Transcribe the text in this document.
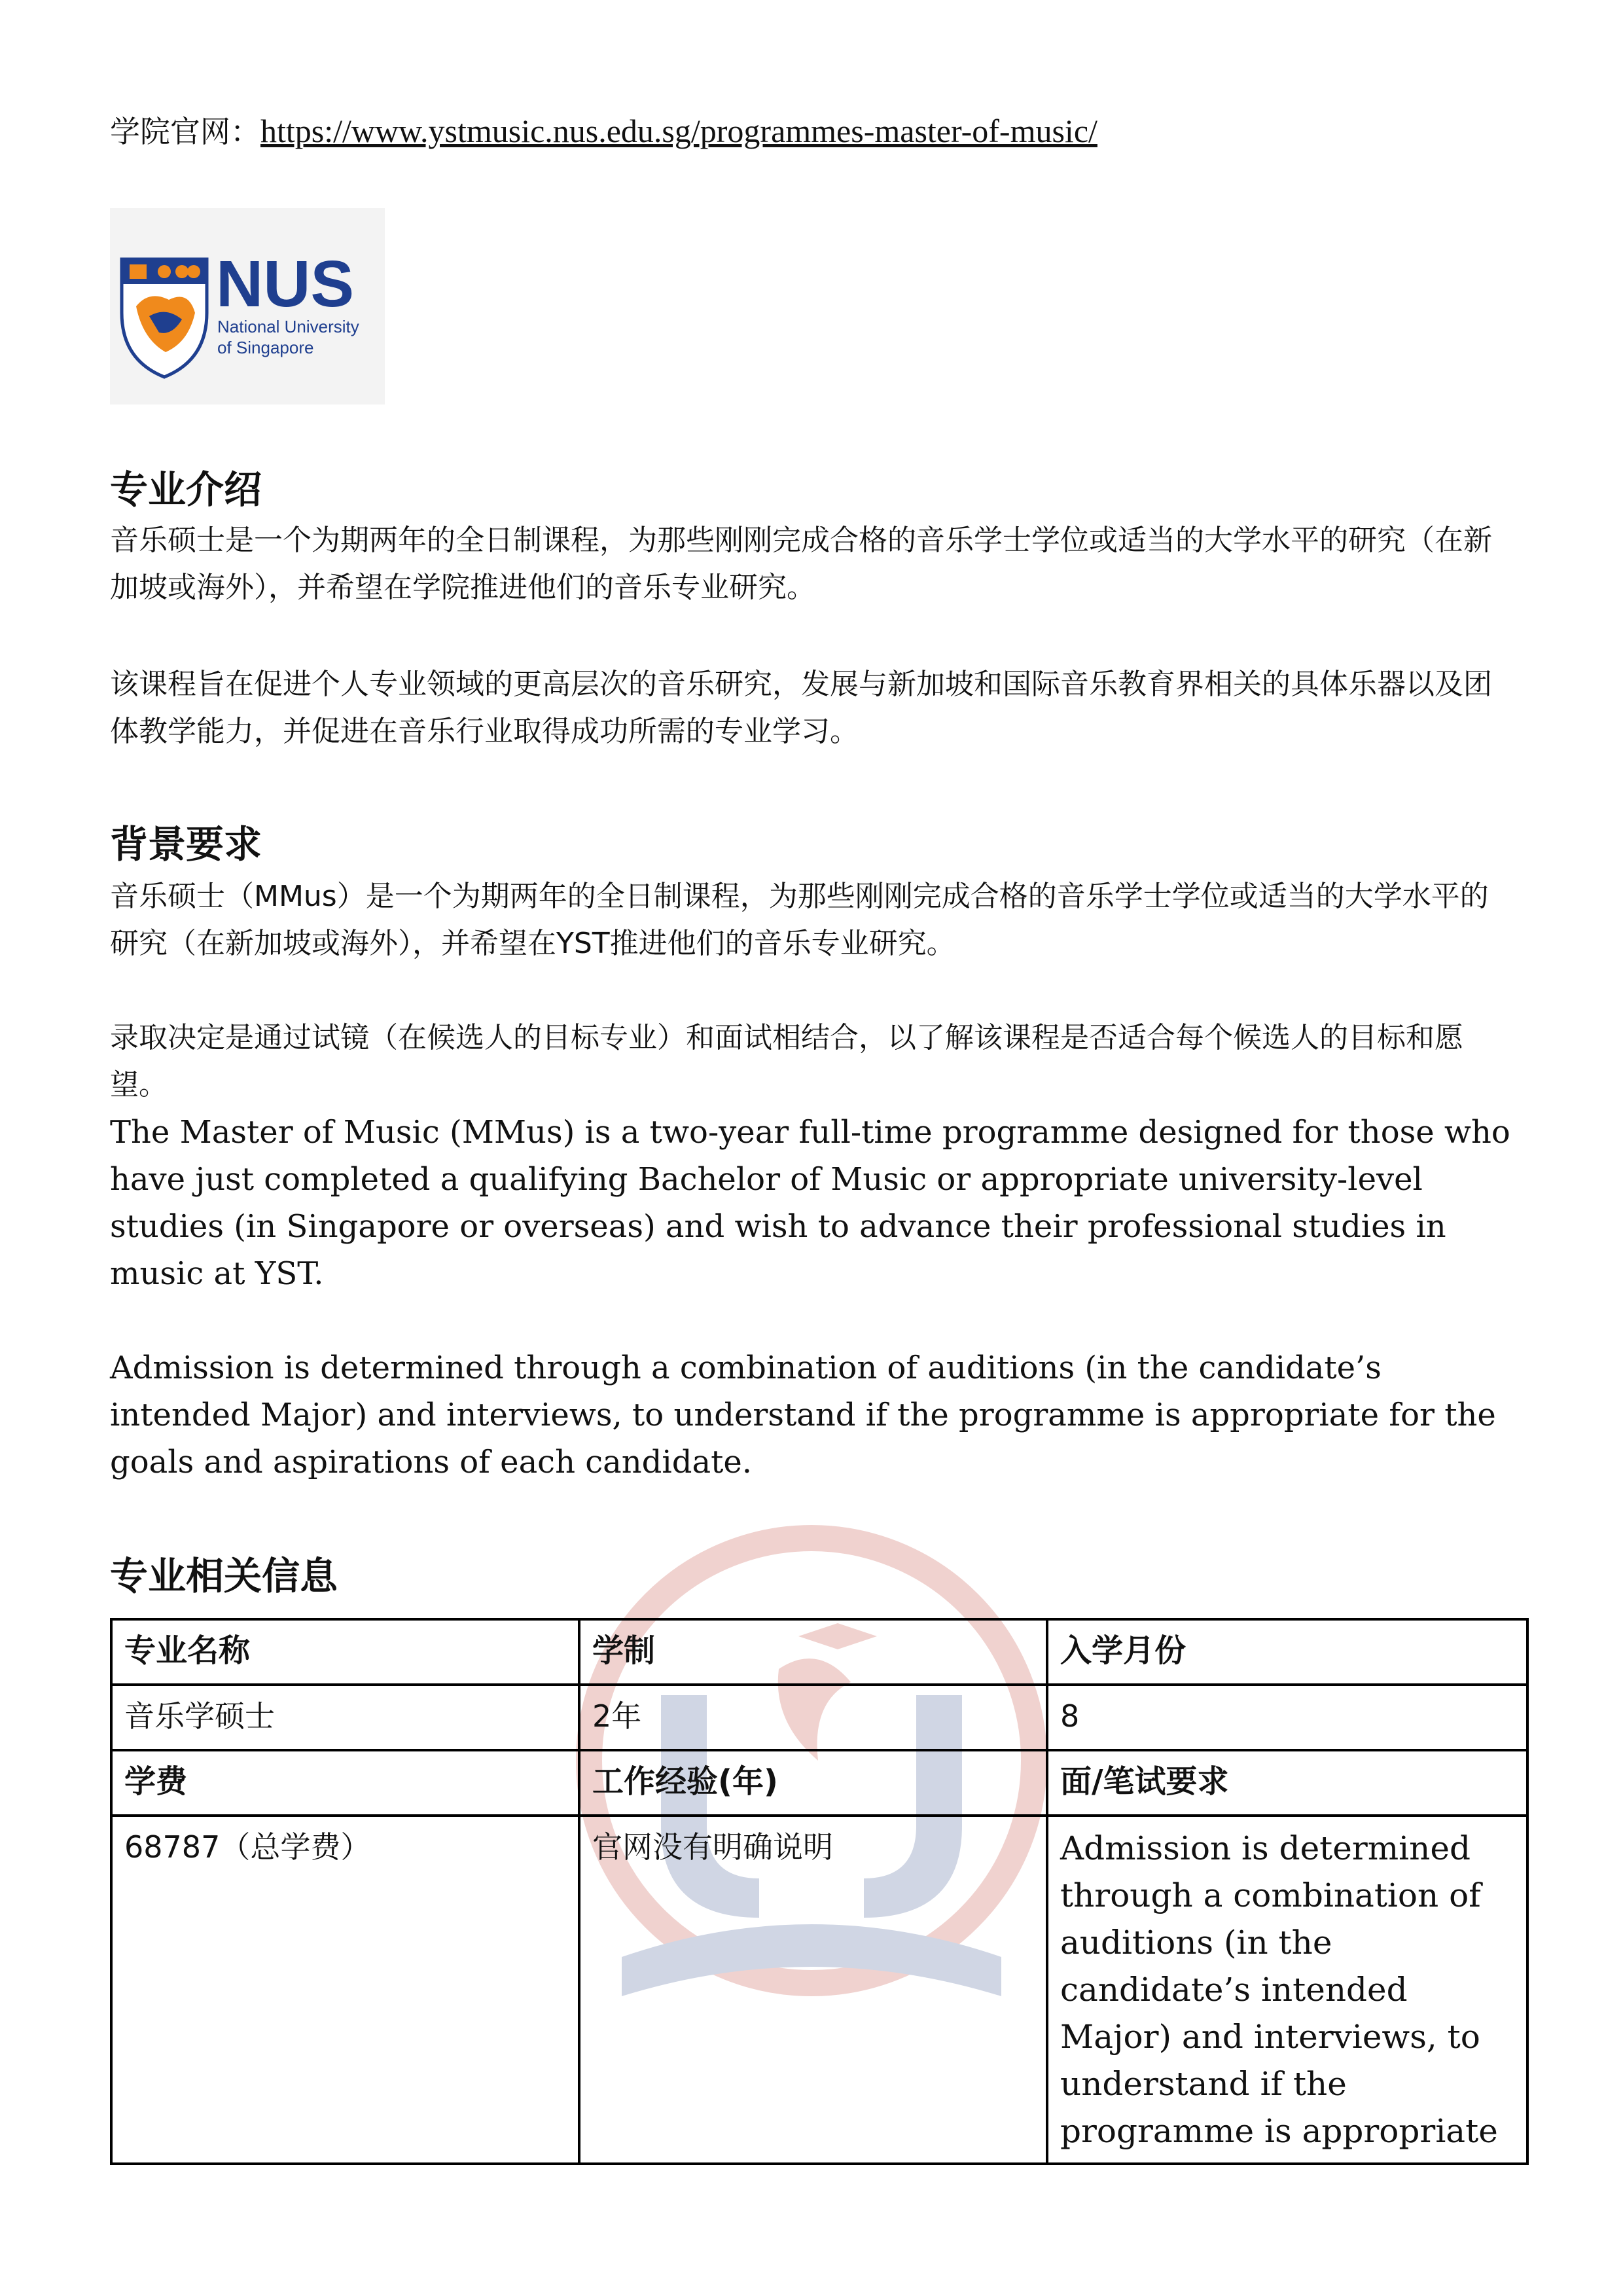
学院官网：https://www.ystmusic.nus.edu.sg/programmes-master-of-music/
NUS
National University
of Singapore
专业介绍

音乐硕士是一个为期两年的全日制课程，为那些刚刚完成合格的音乐学士学位或适当的大学水平的研究（在新加坡或海外），并希望在学院推进他们的音乐专业研究。

该课程旨在促进个人专业领域的更高层次的音乐研究，发展与新加坡和国际音乐教育界相关的具体乐器以及团体教学能力，并促进在音乐行业取得成功所需的专业学习。

背景要求

音乐硕士（MMus）是一个为期两年的全日制课程，为那些刚刚完成合格的音乐学士学位或适当的大学水平的研究（在新加坡或海外），并希望在YST推进他们的音乐专业研究。

录取决定是通过试镜（在候选人的目标专业）和面试相结合，以了解该课程是否适合每个候选人的目标和愿望。

The Master of Music (MMus) is a two-year full-time programme designed for those who have just completed a qualifying Bachelor of Music or appropriate university-level studies (in Singapore or overseas) and wish to advance their professional studies in music at YST.

Admission is determined through a combination of auditions (in the candidate’s intended Major) and interviews, to understand if the programme is appropriate for the goals and aspirations of each candidate.

专业相关信息
专业名称	学制	入学月份
音乐学硕士	2年	8
学费	工作经验(年)	面/笔试要求
68787（总学费）	官网没有明确说明	Admission is determined through a combination of auditions (in the candidate’s intended Major) and interviews, to understand if the programme is appropriate
